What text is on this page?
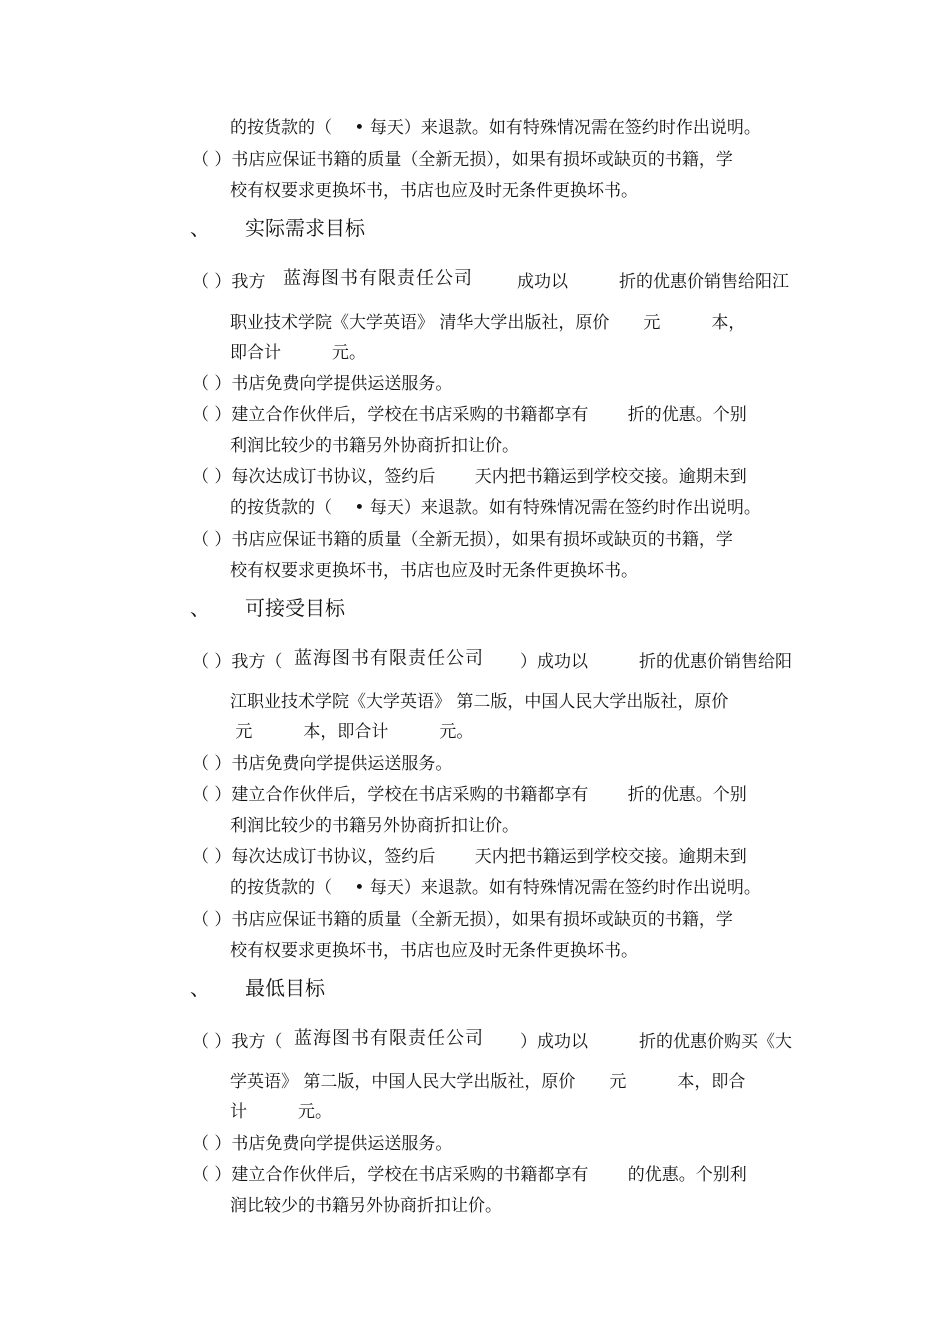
的按货款的（　 • 每天）来退款。如有特殊情况需在签约时作出说明。
（ ）书店应保证书籍的质量（全新无损），如果有损坏或缺页的书籍，学
校有权要求更换坏书，书店也应及时无条件更换坏书。
、 实际需求目标
（ ）我方 蓝海图书有限责任公司	成功以　　　折的优惠价销售给阳江
职业技术学院《大学英语》 清华大学出版社，原价　　元　　　本，
即合计　　　元。
（ ）书店免费向学提供运送服务。
（ ）建立合作伙伴后，学校在书店采购的书籍都享有　　 折的优惠。个别
利润比较少的书籍另外协商折扣让价。
（ ）每次达成订书协议，签约后　　 天内把书籍运到学校交接。逾期未到
的按货款的（　 • 每天）来退款。如有特殊情况需在签约时作出说明。
（ ）书店应保证书籍的质量（全新无损），如果有损坏或缺页的书籍，学
校有权要求更换坏书，书店也应及时无条件更换坏书。
、 可接受目标
（ ）我方（ 蓝海图书有限责任公司 ）成功以　　　折的优惠价销售给阳
江职业技术学院《大学英语》 第二版，中国人民大学出版社，原价
元　　　本，即合计　　　元。
（ ）书店免费向学提供运送服务。
（ ）建立合作伙伴后，学校在书店采购的书籍都享有　　 折的优惠。个别
利润比较少的书籍另外协商折扣让价。
（ ）每次达成订书协议，签约后　　 天内把书籍运到学校交接。逾期未到
的按货款的（　 • 每天）来退款。如有特殊情况需在签约时作出说明。
（ ）书店应保证书籍的质量（全新无损），如果有损坏或缺页的书籍，学
校有权要求更换坏书，书店也应及时无条件更换坏书。
、 最低目标
（ ）我方（ 蓝海图书有限责任公司 ）成功以　　　折的优惠价购买《大
学英语》 第二版，中国人民大学出版社，原价　　元　　　本，即合
计　　　元。
（ ）书店免费向学提供运送服务。
（ ）建立合作伙伴后，学校在书店采购的书籍都享有　　 的优惠。个别利
润比较少的书籍另外协商折扣让价。
